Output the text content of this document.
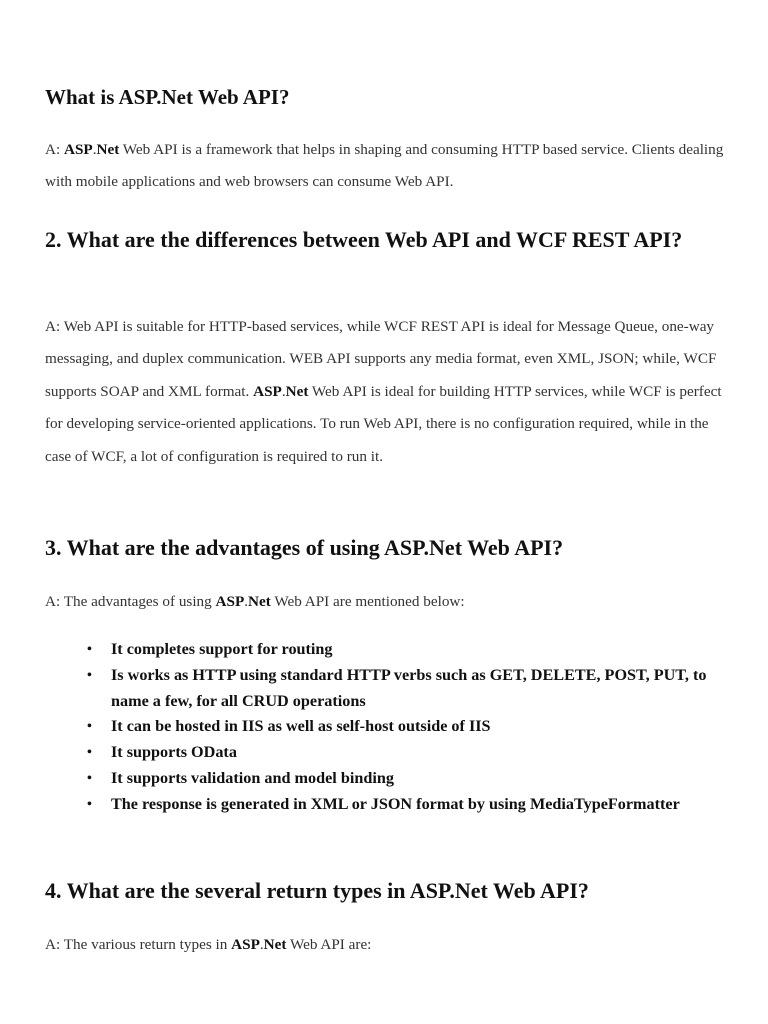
What is ASP.Net Web API?

A: ASP.Net Web API is a framework that helps in shaping and consuming HTTP based service. Clients dealing with mobile applications and web browsers can consume Web API.

2. What are the differences between Web API and WCF REST API?

A: Web API is suitable for HTTP-based services, while WCF REST API is ideal for Message Queue, one-way messaging, and duplex communication. WEB API supports any media format, even XML, JSON; while, WCF supports SOAP and XML format. ASP.Net Web API is ideal for building HTTP services, while WCF is perfect for developing service-oriented applications. To run Web API, there is no configuration required, while in the case of WCF, a lot of configuration is required to run it.

3. What are the advantages of using ASP.Net Web API?

A: The advantages of using ASP.Net Web API are mentioned below:

• It completes support for routing
• Is works as HTTP using standard HTTP verbs such as GET, DELETE, POST, PUT, to name a few, for all CRUD operations
• It can be hosted in IIS as well as self-host outside of IIS
• It supports OData
• It supports validation and model binding
• The response is generated in XML or JSON format by using MediaTypeFormatter
4. What are the several return types in ASP.Net Web API?

A: The various return types in ASP.Net Web API are:
